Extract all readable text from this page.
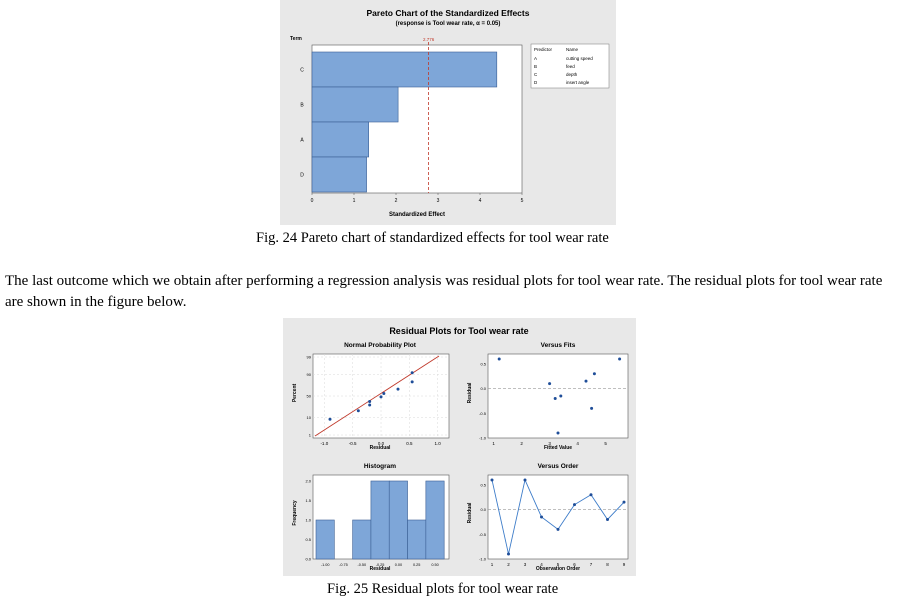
Pareto Chart of the Standardized Effects
(response is Tool wear rate, α = 0.05)
Term
Standardized Effect
Predictor	Name
A	cutting speed
B	feed
C	depth
D	insert angle
C
B
A
D
0	1	2	3	4	5
2.776
Fig. 24 Pareto chart of standardized effects for tool wear rate
The last outcome which we obtain after performing a regression analysis was residual plots for tool wear rate. The residual plots for tool wear rate are shown in the figure below.
Residual Plots for Tool wear rate
Normal Probability Plot
Residual
Percent
Versus Fits
Fitted Value
Residual
Histogram
Residual
Frequency
Versus Order
Observation Order
Residual
1
10
50
90
99
-1.0	-0.5	0.0	0.5	1.0
0.5
0.0
-0.5
-1.0
1	2	3	4	5
0.0
0.5
1.0
1.5
2.0
-1.00	-0.75	-0.50	-0.25	0.00	0.25	0.50
0.5
0.0
-0.5
-1.0
1	2	3	4	5	6	7	8	9
Fig. 25 Residual plots for tool wear rate
